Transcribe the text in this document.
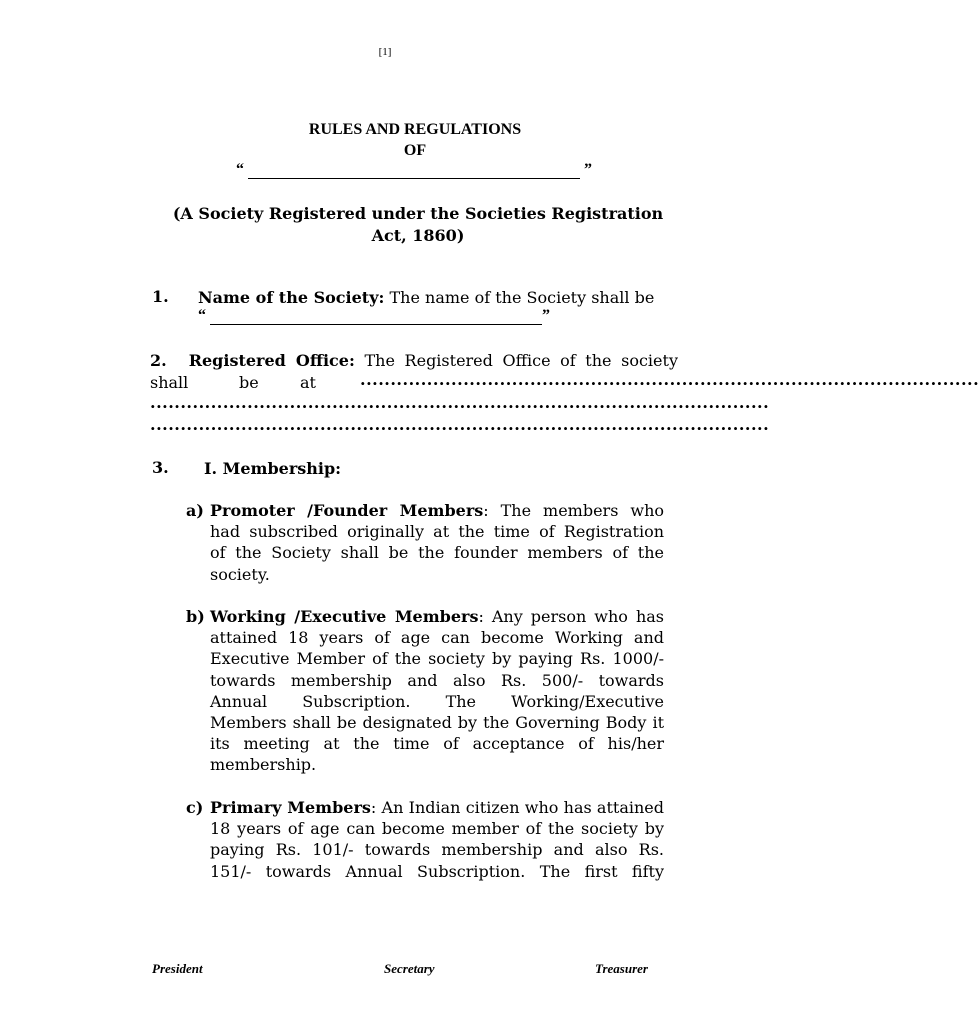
[1]
RULES AND REGULATIONS
OF
“	”
(A Society Registered under the Societies Registration
Act, 1860)
1. Name of the Society: The name of the Society shall be
“	”
2. Registered Office: The Registered Office of the society
shall	be	at	......................................................................................................
......................................................................................................
......................................................................................................
3. I. Membership:
a) Promoter /Founder Members: The members who
had subscribed originally at the time of Registration
of the Society shall be the founder members of the
society.
b) Working /Executive Members: Any person who has
attained 18 years of age can become Working and
Executive Member of the society by paying Rs. 1000/-
towards membership and also Rs. 500/- towards
Annual Subscription. The Working/Executive
Members shall be designated by the Governing Body it
its meeting at the time of acceptance of his/her
membership.
c) Primary Members: An Indian citizen who has attained
18 years of age can become member of the society by
paying Rs. 101/- towards membership and also Rs.
151/- towards Annual Subscription. The first fifty
President	Secretary	Treasurer
